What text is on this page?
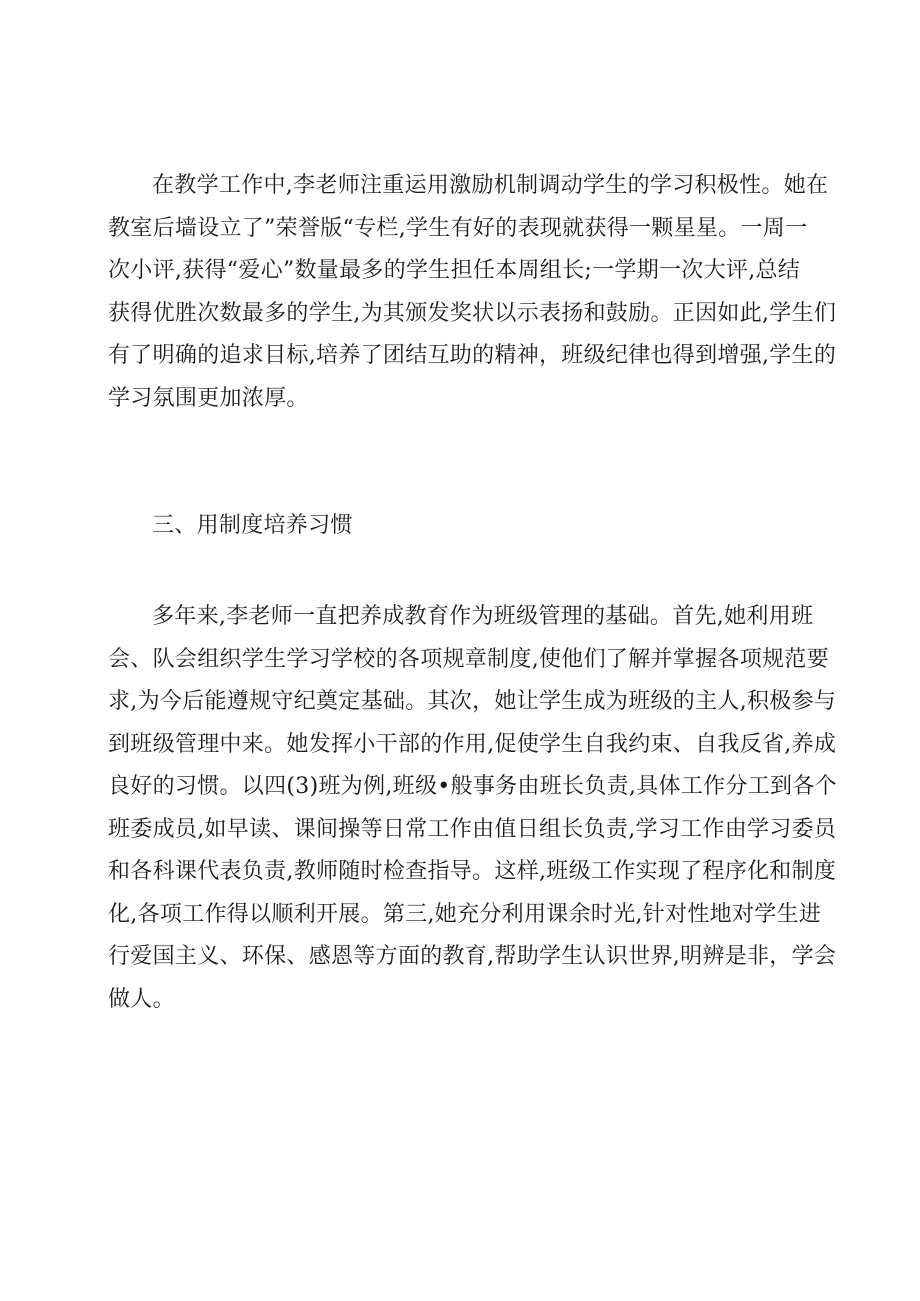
在教学工作中,李老师注重运用激励机制调动学生的学习积极性。她在
教室后墙设立了”荣誉版“专栏,学生有好的表现就获得一颗星星。一周一
次小评,获得“爱心”数量最多的学生担任本周组长;一学期一次大评,总结
获得优胜次数最多的学生,为其颁发奖状以示表扬和鼓励。正因如此,学生们
有了明确的追求目标,培养了团结互助的精神，班级纪律也得到增强,学生的
学习氛围更加浓厚。
三、用制度培养习惯
多年来,李老师一直把养成教育作为班级管理的基础。首先,她利用班
会、队会组织学生学习学校的各项规章制度,使他们了解并掌握各项规范要
求,为今后能遵规守纪奠定基础。其次，她让学生成为班级的主人,积极参与
到班级管理中来。她发挥小干部的作用,促使学生自我约束、自我反省,养成
良好的习惯。以四(3)班为例,班级•般事务由班长负责,具体工作分工到各个
班委成员,如早读、课间操等日常工作由值日组长负责,学习工作由学习委员
和各科课代表负责,教师随时检查指导。这样,班级工作实现了程序化和制度
化,各项工作得以顺利开展。第三,她充分利用课余时光,针对性地对学生进
行爱国主义、环保、感恩等方面的教育,帮助学生认识世界,明辨是非，学会
做人。
